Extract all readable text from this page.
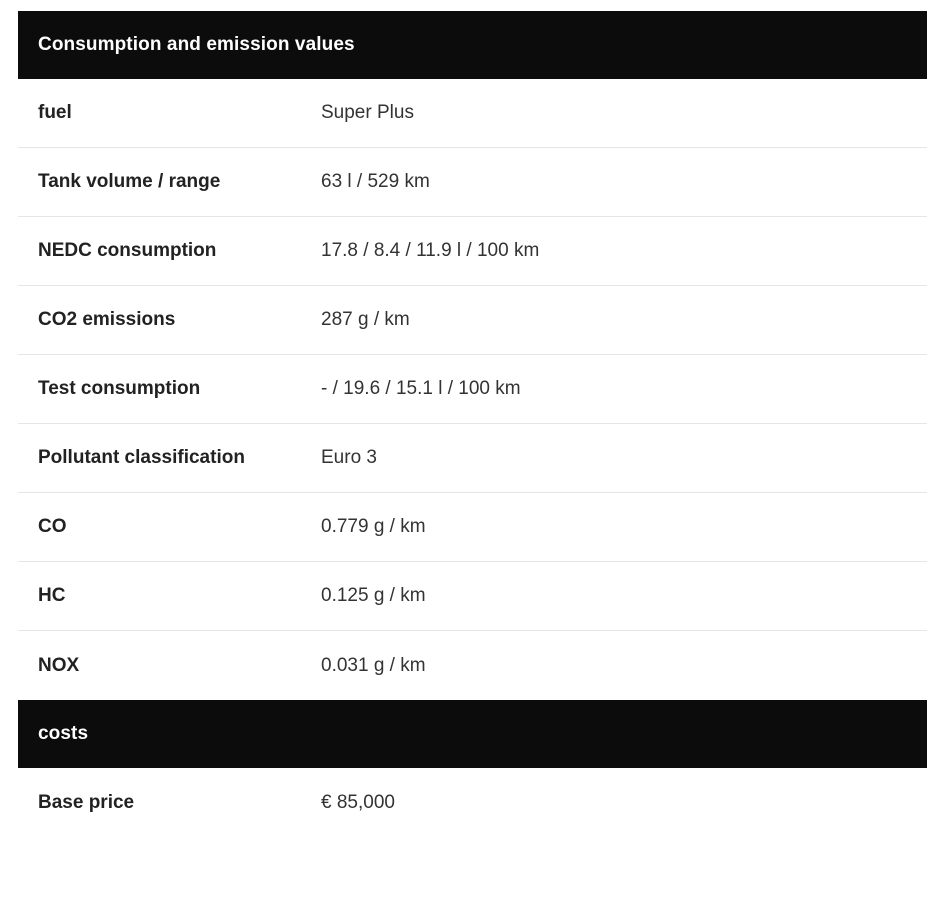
Consumption and emission values
fuel	Super Plus
Tank volume / range	63 l / 529 km
NEDC consumption	17.8 / 8.4 / 11.9 l / 100 km
CO2 emissions	287 g / km
Test consumption	- / 19.6 / 15.1 l / 100 km
Pollutant classification	Euro 3
CO	0.779 g / km
HC	0.125 g / km
NOX	0.031 g / km
costs
Base price	€ 85,000
